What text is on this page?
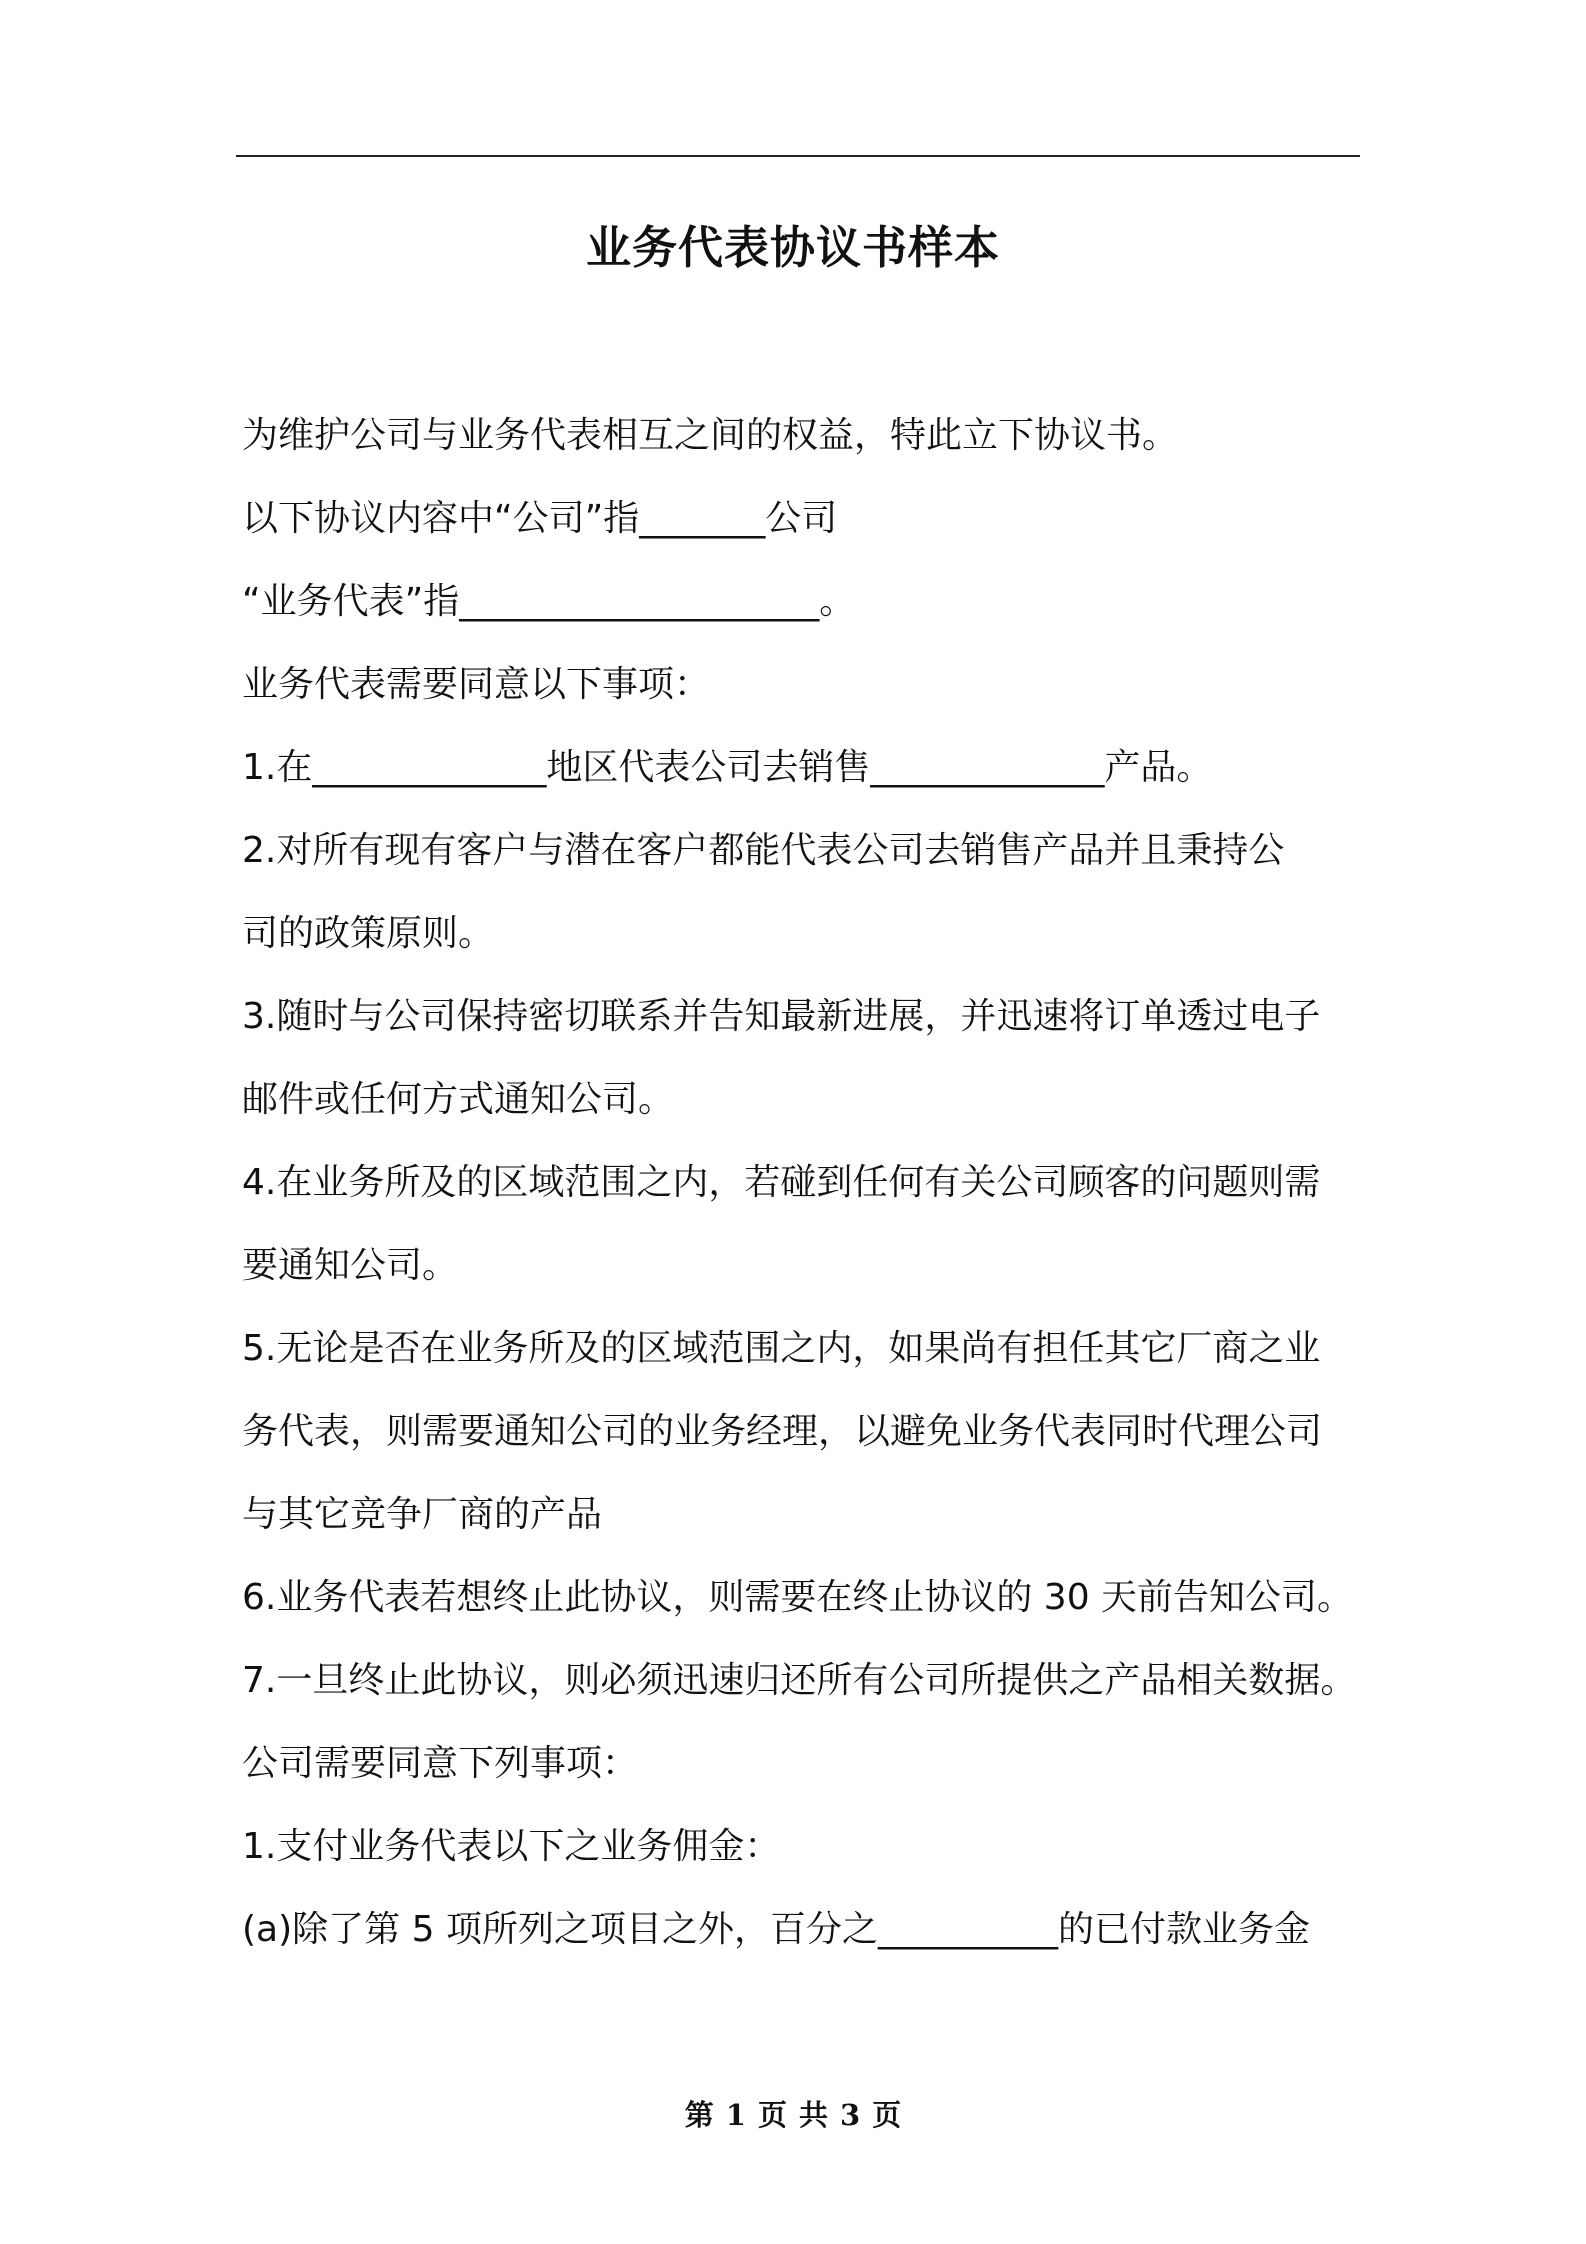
业务代表协议书样本
为维护公司与业务代表相互之间的权益，特此立下协议书。
以下协议内容中“公司”指_______公司
“业务代表”指____________________。
业务代表需要同意以下事项：
1.在_____________地区代表公司去销售_____________产品。
2.对所有现有客户与潜在客户都能代表公司去销售产品并且秉持公
司的政策原则。
3.随时与公司保持密切联系并告知最新进展，并迅速将订单透过电子
邮件或任何方式通知公司。
4.在业务所及的区域范围之内，若碰到任何有关公司顾客的问题则需
要通知公司。
5.无论是否在业务所及的区域范围之内，如果尚有担任其它厂商之业
务代表，则需要通知公司的业务经理，以避免业务代表同时代理公司
与其它竞争厂商的产品
6.业务代表若想终止此协议，则需要在终止协议的 30 天前告知公司。
7.一旦终止此协议，则必须迅速归还所有公司所提供之产品相关数据。
公司需要同意下列事项：
1.支付业务代表以下之业务佣金：
(a)除了第 5 项所列之项目之外，百分之__________的已付款业务金
第 1 页 共 3 页
